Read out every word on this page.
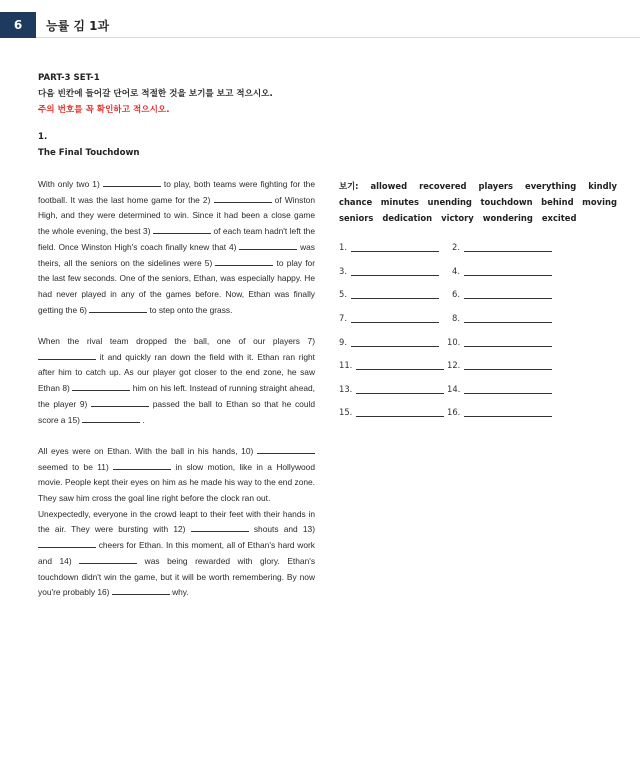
6	능률 김 1과
PART-3 SET-1
다음 빈칸에 들어갈 단어로 적절한 것을 보기를 보고 적으시오.
주의 번호를 꼭 확인하고 적으시오.
1.
The Final Touchdown

With only two 1)	to play, both teams were fighting for the football. It was the last home game for the 2)	of Winston High, and they were determined to win. Since it had been a close game the whole evening, the best 3)	of each team hadn't left the field. Once Winston High's coach finally knew that 4)	was theirs, all the seniors on the sidelines were 5)	to play for the last few seconds. One of the seniors, Ethan, was especially happy. He had never played in any of the games before. Now, Ethan was finally getting the 6)	to step onto the grass.

When the rival team dropped the ball, one of our players 7)  it and quickly ran down the field with it. Ethan ran right after him to catch up. As our player got closer to the end zone, he saw Ethan 8)	him on his left. Instead of running straight ahead, the player 9)	passed the ball to Ethan so that he could score a 15)	.

All eyes were on Ethan. With the ball in his hands, 10)  seemed to be 11)	in slow motion, like in a Hollywood movie. People kept their eyes on him as he made his way to the end zone. They saw him cross the goal line right before the clock ran out.

Unexpectedly, everyone in the crowd leapt to their feet with their hands in the air. They were bursting with 12)	shouts and 13)  cheers for Ethan. In this moment, all of Ethan's hard work and 14)	was being rewarded with glory. Ethan's touchdown didn't win the game, but it will be worth remembering. By now you're probably 16)	why.

보기: allowed recovered players everything kindly
chance minutes unending touchdown behind moving
seniors dedication victory wondering excited
1.	2.
3.	4.
5.	6.
7.	8.
9.	10.
11.	12.
13.	14.
15.	16.
